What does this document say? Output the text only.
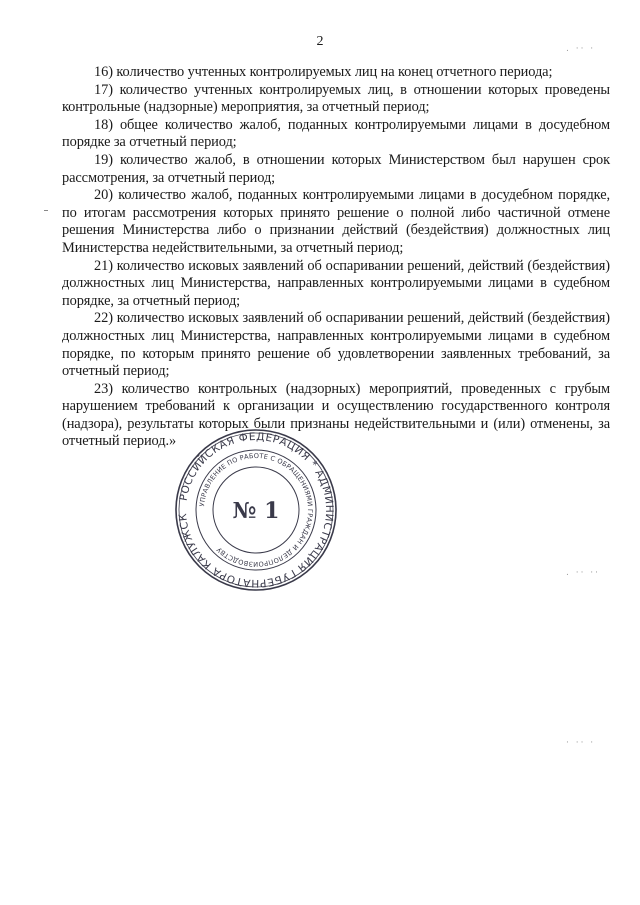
2

16) количество учтенных контролируемых лиц на конец отчетного периода;

17) количество учтенных контролируемых лиц, в отношении которых проведены контрольные (надзорные) мероприятия, за отчетный период;

18) общее количество жалоб, поданных контролируемыми лицами в досудебном порядке за отчетный период;

19) количество жалоб, в отношении которых Министерством был нарушен срок рассмотрения, за отчетный период;

20) количество жалоб, поданных контролируемыми лицами в досудебном порядке, по итогам рассмотрения которых принято решение о полной либо частичной отмене решения Министерства либо о признании действий (бездействия) должностных лиц Министерства недействительными, за отчетный период;

21) количество исковых заявлений об оспаривании решений, действий (бездействия) должностных лиц Министерства, направленных контролируемыми лицами в судебном порядке, за отчетный период;

22) количество исковых заявлений об оспаривании решений, действий (бездействия) должностных лиц Министерства, направленных контролируемыми лицами в судебном порядке, по которым принято решение об удовлетворении заявленных требований, за отчетный период;

23) количество контрольных (надзорных) мероприятий, проведенных с грубым нарушением требований к организации и осуществлению государственного контроля (надзора), результаты которых были признаны недействительными и (или) отменены, за отчетный период.»

. ·· ·
. ·· ··
· ·· ·
РОССИЙСКАЯ ФЕДЕРАЦИЯ * АДМИНИСТРАЦИЯ ГУБЕРНАТОРА КАЛУЖСК
УПРАВЛЕНИЕ ПО РАБОТЕ С ОБРАЩЕНИЯМИ ГРАЖДАН И ДЕЛОПРОИЗВОДСТВУ
№ 1
